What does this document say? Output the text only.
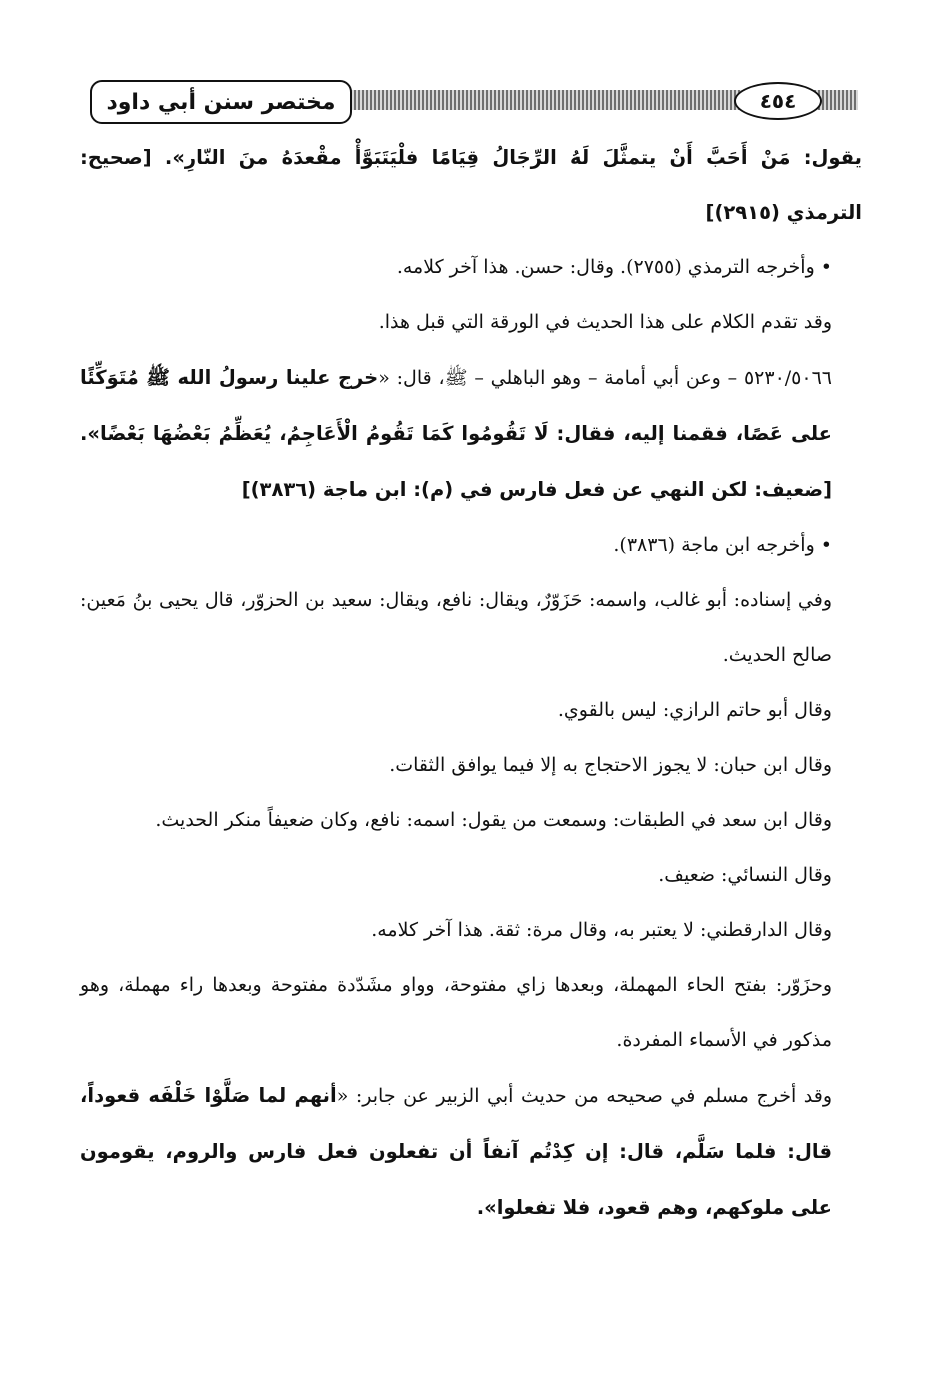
مختصر سنن أبي داود	٤٥٤

يقول: مَنْ أَحَبَّ أَنْ يتمثَّلَ لَهُ الرِّجَالُ قِيَامًا فلْيَتَبَوَّأْ مقْعدَهُ منَ النّارِ». [صحيح: الترمذي (٢٩١٥)]

• وأخرجه الترمذي (٢٧٥٥). وقال: حسن. هذا آخر كلامه.

وقد تقدم الكلام على هذا الحديث في الورقة التي قبل هذا.

٥٢٣٠/٥٠٦٦ – وعن أبي أمامة – وهو الباهلي – ﷺ، قال: «خرج علينا رسولُ الله ﷺ مُتَوَكِّئًا على عَصًا، فقمنا إليه، فقال: لَا تَقُومُوا كَمَا تَقُومُ الْأَعَاجِمُ، يُعَظِّمُ بَعْضُهَا بَعْضًا». [ضعيف: لكن النهي عن فعل فارس في (م): ابن ماجة (٣٨٣٦)]

• وأخرجه ابن ماجة (٣٨٣٦).

وفي إسناده: أبو غالب، واسمه: حَزَوّرٌ، ويقال: نافع، ويقال: سعيد بن الحزوّر، قال يحيى بنُ مَعين: صالح الحديث.

وقال أبو حاتم الرازي: ليس بالقوي.

وقال ابن حبان: لا يجوز الاحتجاج به إلا فيما يوافق الثقات.

وقال ابن سعد في الطبقات: وسمعت من يقول: اسمه: نافع، وكان ضعيفاً منكر الحديث.

وقال النسائي: ضعيف.

وقال الدارقطني: لا يعتبر به، وقال مرة: ثقة. هذا آخر كلامه.

وحزَوّر: بفتح الحاء المهملة، وبعدها زاي مفتوحة، وواو مشَدّدة مفتوحة وبعدها راء مهملة، وهو مذكور في الأسماء المفردة.

وقد أخرج مسلم في صحيحه من حديث أبي الزبير عن جابر: «أنهم لما صَلَّوْا خَلْفَه قعوداً، قال: فلما سَلَّم، قال: إن كِدْتُم آنفاً أن تفعلون فعل فارس والروم، يقومون على ملوكهم، وهم قعود، فلا تفعلوا».
